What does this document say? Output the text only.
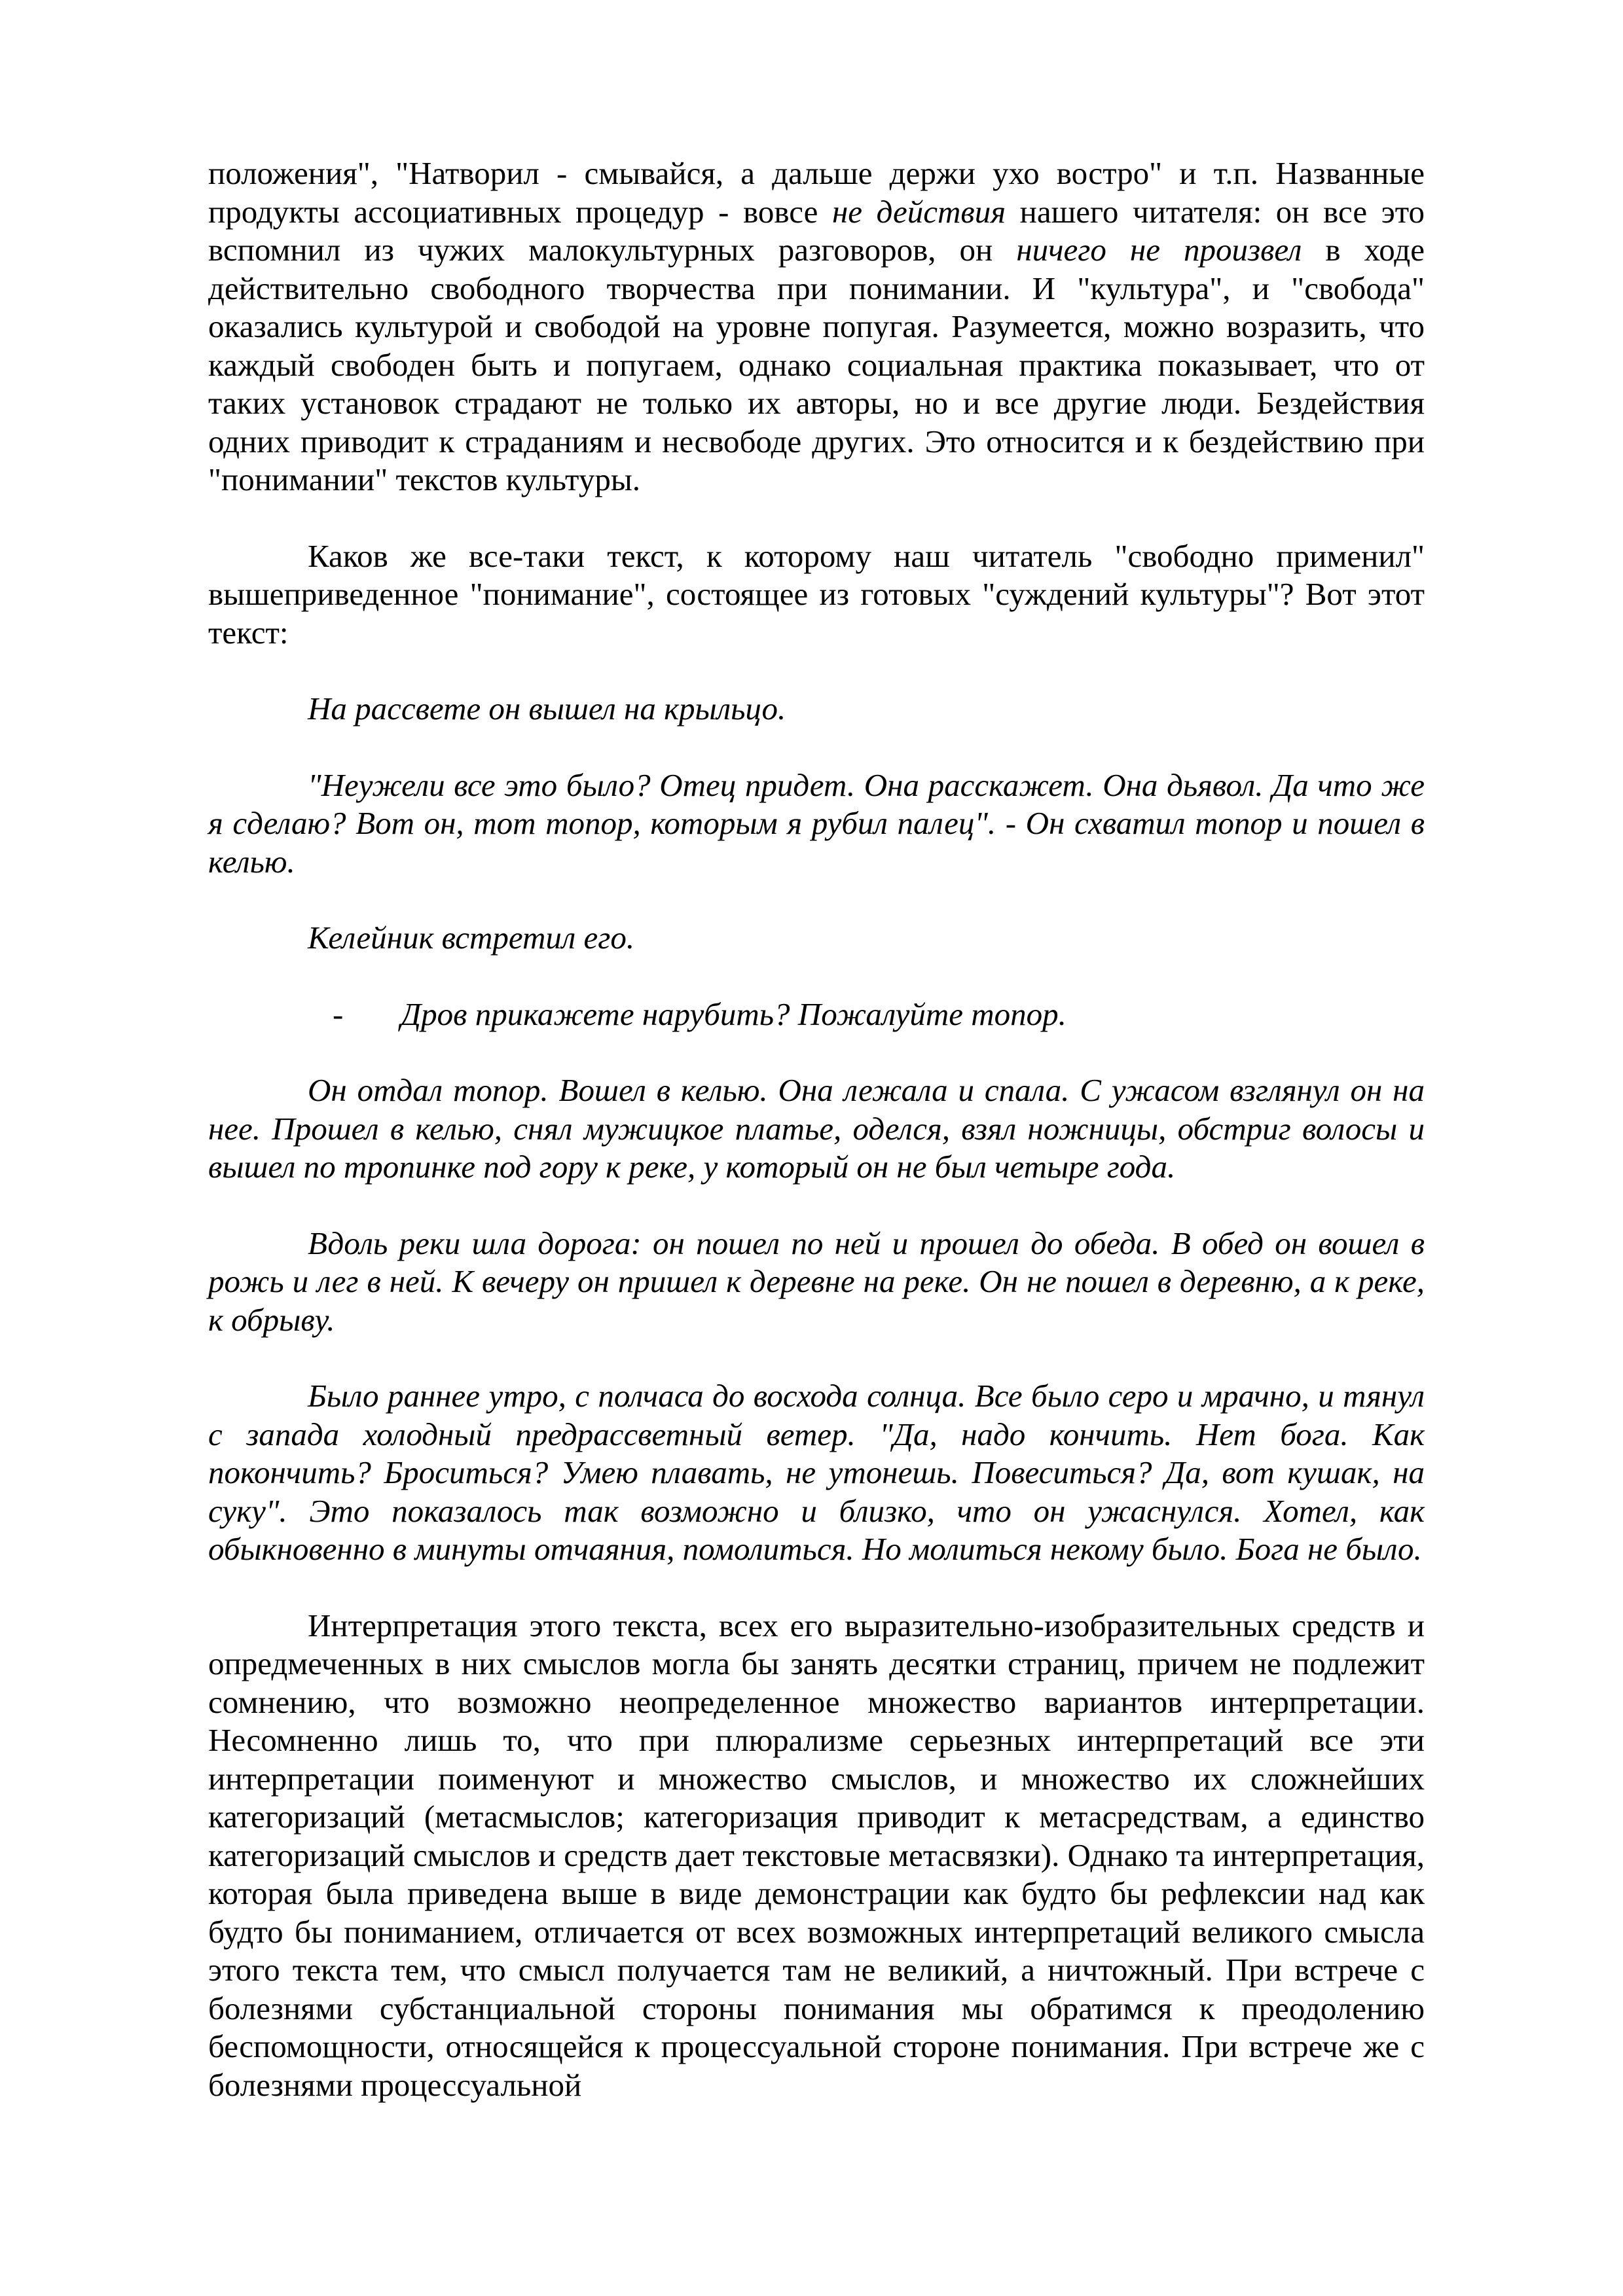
положения", "Натворил - смывайся, а дальше держи ухо востро" и т.п. Названные продукты ассоциативных процедур - вовсе не действия нашего читателя: он все это вспомнил из чужих малокультурных разговоров, он ничего не произвел в ходе действительно свободного творчества при понимании. И "культура", и "свобода" оказались культурой и свободой на уровне попугая. Разумеется, можно возразить, что каждый свободен быть и попугаем, однако социальная практика показывает, что от таких установок страдают не только их авторы, но и все другие люди. Бездействия одних приводит к страданиям и несвободе других. Это относится и к бездействию при "понимании" текстов культуры.

Каков же все-таки текст, к которому наш читатель "свободно применил" вышеприведенное "понимание", состоящее из готовых "суждений культуры"? Вот этот текст:

На рассвете он вышел на крыльцо.

"Неужели все это было? Отец придет. Она расскажет. Она дьявол. Да что же я сделаю? Вот он, тот топор, которым я рубил палец". - Он схватил топор и пошел в келью.

Келейник встретил его.

- Дров прикажете нарубить? Пожалуйте топор.

Он отдал топор. Вошел в келью. Она лежала и спала. С ужасом взглянул он на нее. Прошел в келью, снял мужицкое платье, оделся, взял ножницы, обстриг волосы и вышел по тропинке под гору к реке, у который он не был четыре года.

Вдоль реки шла дорога: он пошел по ней и прошел до обеда. В обед он вошел в рожь и лег в ней. К вечеру он пришел к деревне на реке. Он не пошел в деревню, а к реке, к обрыву.

Было раннее утро, с полчаса до восхода солнца. Все было серо и мрачно, и тянул с запада холодный предрассветный ветер. "Да, надо кончить. Нет бога. Как покончить? Броситься? Умею плавать, не утонешь. Повеситься? Да, вот кушак, на суку". Это показалось так возможно и близко, что он ужаснулся. Хотел, как обыкновенно в минуты отчаяния, помолиться. Но молиться некому было. Бога не было.

Интерпретация этого текста, всех его выразительно-изобразительных средств и опредмеченных в них смыслов могла бы занять десятки страниц, причем не подлежит сомнению, что возможно неопределенное множество вариантов интерпретации. Несомненно лишь то, что при плюрализме серьезных интерпретаций все эти интерпретации поименуют и множество смыслов, и множество их сложнейших категоризаций (метасмыслов; категоризация приводит к метасредствам, а единство категоризаций смыслов и средств дает текстовые метасвязки). Однако та интерпретация, которая была приведена выше в виде демонстрации как будто бы рефлексии над как будто бы пониманием, отличается от всех возможных интерпретаций великого смысла этого текста тем, что смысл получается там не великий, а ничтожный. При встрече с болезнями субстанциальной стороны понимания мы обратимся к преодолению беспомощности, относящейся к процессуальной стороне понимания. При встрече же с болезнями процессуальной
